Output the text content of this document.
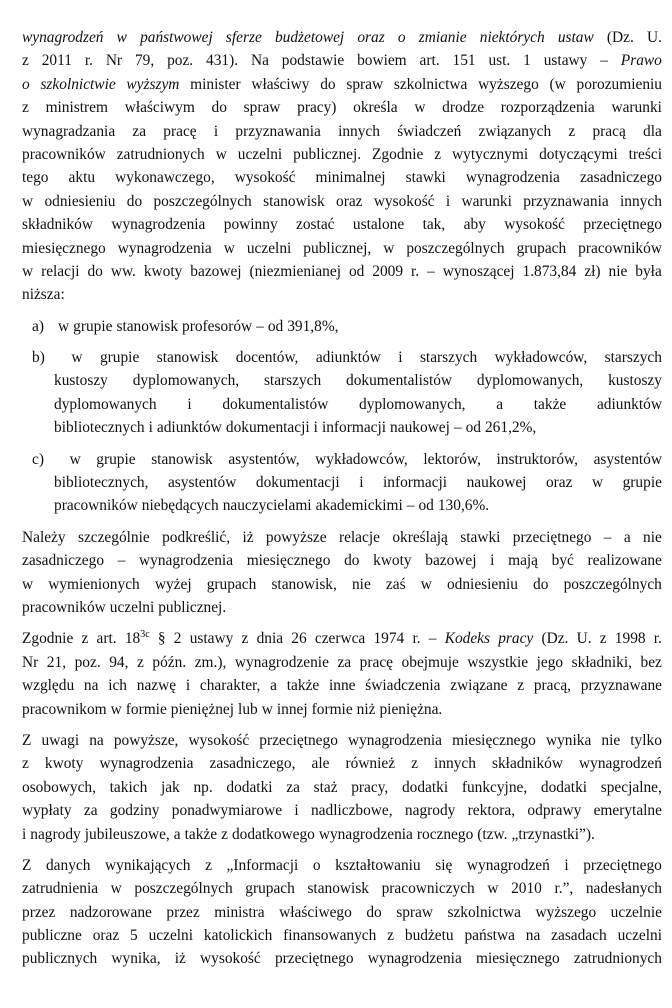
wynagrodzeń w państwowej sferze budżetowej oraz o zmianie niektórych ustaw (Dz. U.
z 2011 r. Nr 79, poz. 431). Na podstawie bowiem art. 151 ust. 1 ustawy – Prawo
o szkolnictwie wyższym minister właściwy do spraw szkolnictwa wyższego (w porozumieniu
z ministrem właściwym do spraw pracy) określa w drodze rozporządzenia warunki
wynagradzania za pracę i przyznawania innych świadczeń związanych z pracą dla
pracowników zatrudnionych w uczelni publicznej. Zgodnie z wytycznymi dotyczącymi treści
tego aktu wykonawczego, wysokość minimalnej stawki wynagrodzenia zasadniczego
w odniesieniu do poszczególnych stanowisk oraz wysokość i warunki przyznawania innych
składników wynagrodzenia powinny zostać ustalone tak, aby wysokość przeciętnego
miesięcznego wynagrodzenia w uczelni publicznej, w poszczególnych grupach pracowników
w relacji do ww. kwoty bazowej (niezmienianej od 2009 r. – wynoszącej 1.873,84 zł) nie była
niższa:
a) w grupie stanowisk profesorów – od 391,8%,
b)	w grupie stanowisk docentów, adiunktów i starszych wykładowców, starszych
kustoszy dyplomowanych, starszych dokumentalistów dyplomowanych, kustoszy
dyplomowanych i dokumentalistów dyplomowanych, a także adiunktów
bibliotecznych i adiunktów dokumentacji i informacji naukowej – od 261,2%,
c)	w grupie stanowisk asystentów, wykładowców, lektorów, instruktorów, asystentów
bibliotecznych, asystentów dokumentacji i informacji naukowej oraz w grupie
pracowników niebędących nauczycielami akademickimi – od 130,6%.
Należy szczególnie podkreślić, iż powyższe relacje określają stawki przeciętnego – a nie
zasadniczego – wynagrodzenia miesięcznego do kwoty bazowej i mają być realizowane
w wymienionych wyżej grupach stanowisk, nie zaś w odniesieniu do poszczególnych
pracowników uczelni publicznej.
Zgodnie z art. $18^{3c}$ § 2 ustawy z dnia 26 czerwca 1974 r. – Kodeks pracy (Dz. U. z 1998 r.
Nr 21, poz. 94, z późn. zm.), wynagrodzenie za pracę obejmuje wszystkie jego składniki, bez
względu na ich nazwę i charakter, a także inne świadczenia związane z pracą, przyznawane
pracownikom w formie pieniężnej lub w innej formie niż pieniężna.
Z uwagi na powyższe, wysokość przeciętnego wynagrodzenia miesięcznego wynika nie tylko
z kwoty wynagrodzenia zasadniczego, ale również z innych składników wynagrodzeń
osobowych, takich jak np. dodatki za staż pracy, dodatki funkcyjne, dodatki specjalne,
wypłaty za godziny ponadwymiarowe i nadliczbowe, nagrody rektora, odprawy emerytalne
i nagrody jubileuszowe, a także z dodatkowego wynagrodzenia rocznego (tzw. „trzynastki”).
Z danych wynikających z „Informacji o kształtowaniu się wynagrodzeń i przeciętnego
zatrudnienia w poszczególnych grupach stanowisk pracowniczych w 2010 r.”, nadesłanych
przez nadzorowane przez ministra właściwego do spraw szkolnictwa wyższego uczelnie
publiczne oraz 5 uczelni katolickich finansowanych z budżetu państwa na zasadach uczelni
publicznych wynika, iż wysokość przeciętnego wynagrodzenia miesięcznego zatrudnionych
